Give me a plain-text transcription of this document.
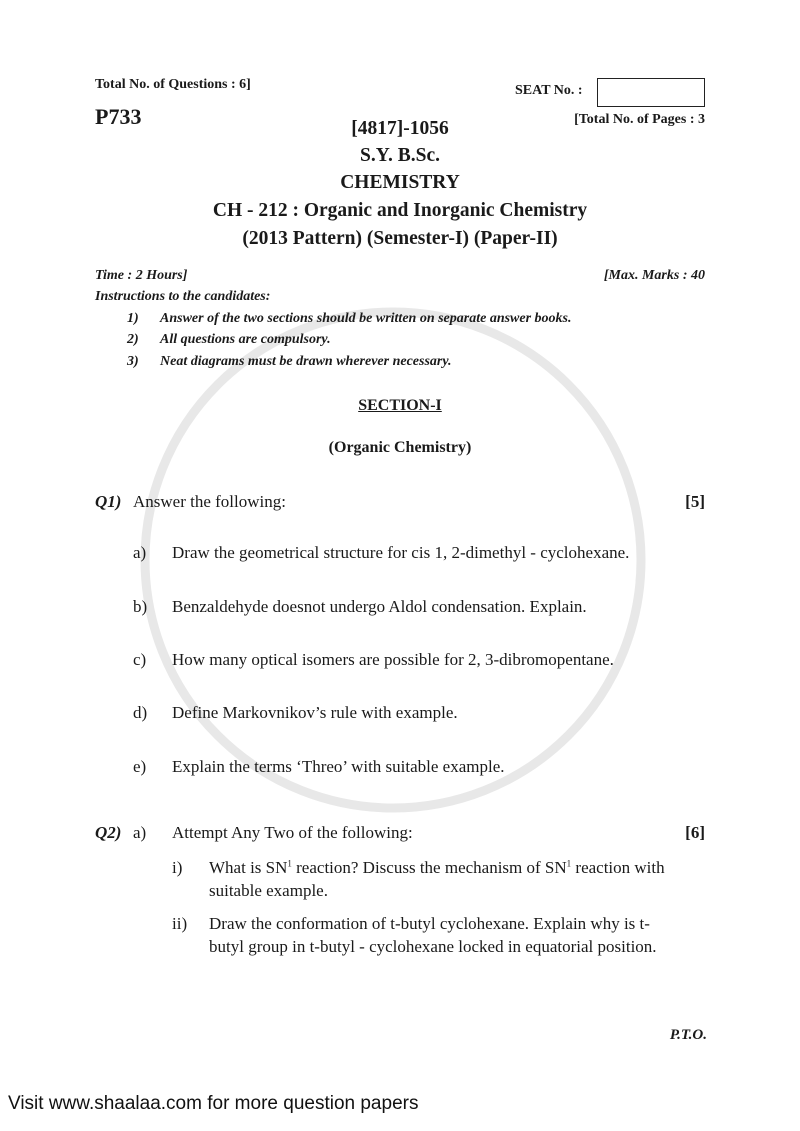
Total No. of Questions : 6]
P733
SEAT No. :
[Total No. of Pages : 3
[4817]-1056
S.Y. B.Sc.
CHEMISTRY
CH - 212 : Organic and Inorganic Chemistry
(2013 Pattern) (Semester-I) (Paper-II)
Time : 2 Hours]	[Max. Marks : 40
Instructions to the candidates:
1) Answer of the two sections should be written on separate answer books.
2) All questions are compulsory.
3) Neat diagrams must be drawn wherever necessary.
SECTION-I
(Organic Chemistry)
Q1) Answer the following:	[5]
a) Draw the geometrical structure for cis 1, 2-dimethyl - cyclohexane.
b) Benzaldehyde doesnot undergo Aldol condensation. Explain.
c) How many optical isomers are possible for 2, 3-dibromopentane.
d) Define Markovnikov’s rule with example.
e) Explain the terms ‘Threo’ with suitable example.
Q2) a) Attempt Any Two of the following:	[6]
i) What is $SN^1$ reaction? Discuss the mechanism of $SN^1$ reaction with
suitable example.
ii) Draw the conformation of t-butyl cyclohexane. Explain why is t-
butyl group in t-butyl - cyclohexane locked in equatorial position.
P.T.O.
Visit www.shaalaa.com for more question papers
